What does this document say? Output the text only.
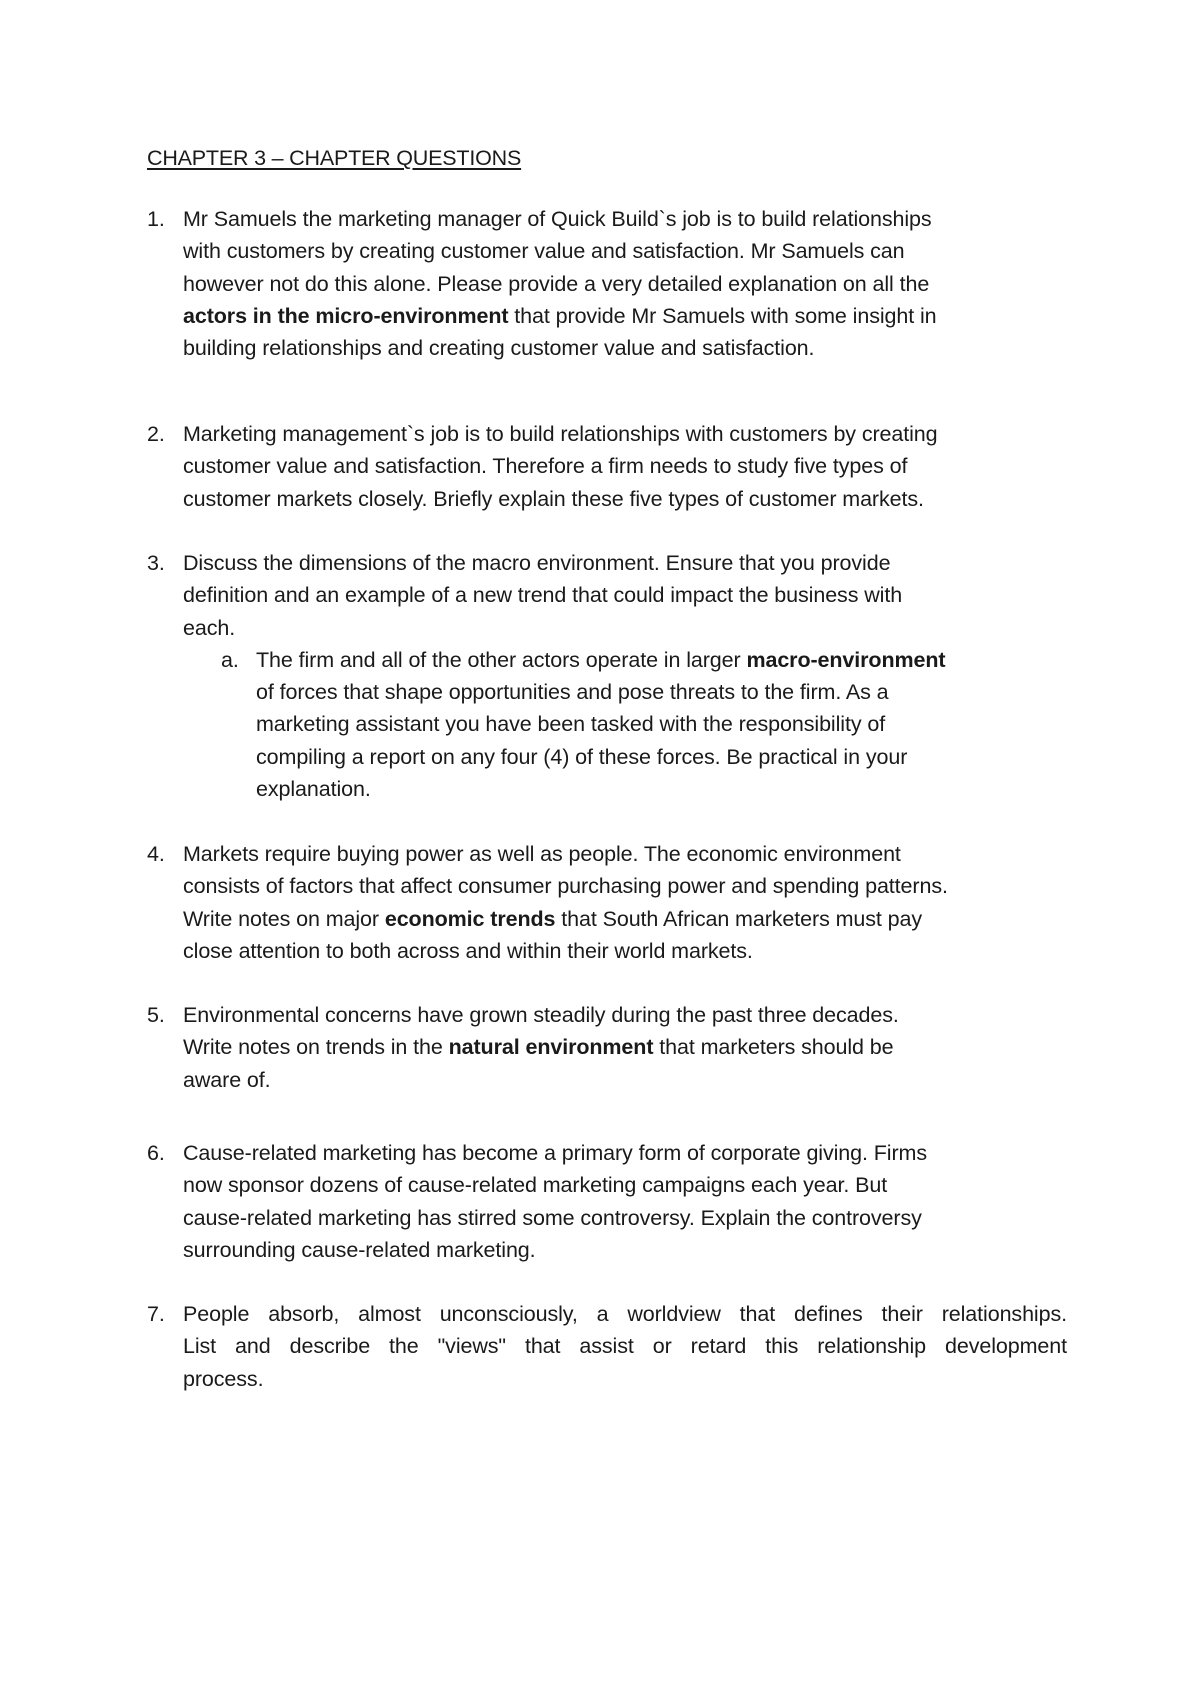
CHAPTER 3 – CHAPTER QUESTIONS
1. Mr Samuels the marketing manager of Quick Build`s job is to build relationships

with customers by creating customer value and satisfaction. Mr Samuels can

however not do this alone. Please provide a very detailed explanation on all the

actors in the micro-environment that provide Mr Samuels with some insight in

building relationships and creating customer value and satisfaction.

2. Marketing management`s job is to build relationships with customers by creating

customer value and satisfaction. Therefore a firm needs to study five types of

customer markets closely. Briefly explain these five types of customer markets.

3. Discuss the dimensions of the macro environment. Ensure that you provide

definition and an example of a new trend that could impact the business with

each.

a. The firm and all of the other actors operate in larger macro-environment

of forces that shape opportunities and pose threats to the firm. As a

marketing assistant you have been tasked with the responsibility of

compiling a report on any four (4) of these forces. Be practical in your

explanation.

4. Markets require buying power as well as people. The economic environment

consists of factors that affect consumer purchasing power and spending patterns.

Write notes on major economic trends that South African marketers must pay

close attention to both across and within their world markets.

5. Environmental concerns have grown steadily during the past three decades.

Write notes on trends in the natural environment that marketers should be

aware of.

6. Cause-related marketing has become a primary form of corporate giving. Firms

now sponsor dozens of cause-related marketing campaigns each year. But

cause-related marketing has stirred some controversy. Explain the controversy

surrounding cause-related marketing.

7. People absorb, almost unconsciously, a worldview that defines their relationships.

List and describe the "views" that assist or retard this relationship development

process.
